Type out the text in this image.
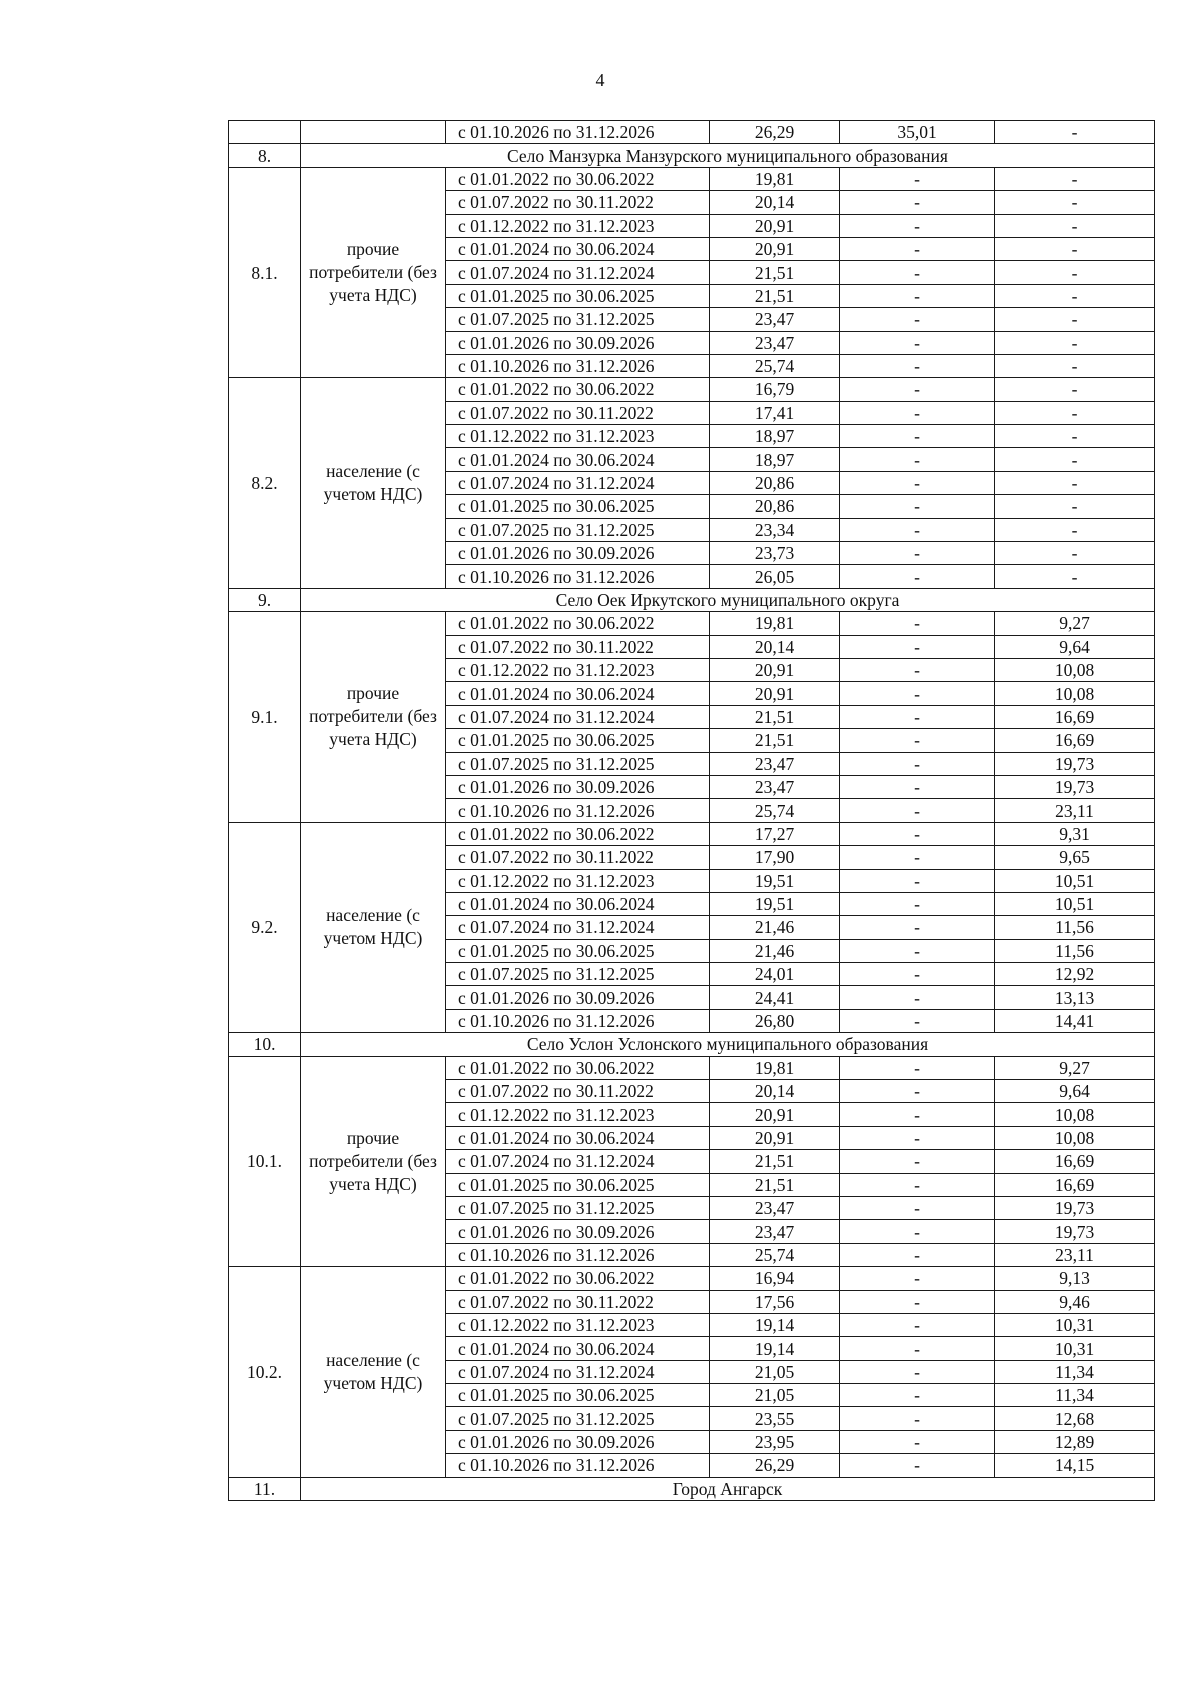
4
		с 01.10.2026 по 31.12.2026	26,29	35,01	-
8.	Село Манзурка Манзурского муниципального образования				
8.1.	прочие потребители (без учета НДС)	с 01.01.2022 по 30.06.2022	19,81	-	-
		с 01.07.2022 по 30.11.2022	20,14	-	-
		с 01.12.2022 по 31.12.2023	20,91	-	-
		с 01.01.2024 по 30.06.2024	20,91	-	-
		с 01.07.2024 по 31.12.2024	21,51	-	-
		с 01.01.2025 по 30.06.2025	21,51	-	-
		с 01.07.2025 по 31.12.2025	23,47	-	-
		с 01.01.2026 по 30.09.2026	23,47	-	-
		с 01.10.2026 по 31.12.2026	25,74	-	-
8.2.	население (с учетом НДС)	с 01.01.2022 по 30.06.2022	16,79	-	-
		с 01.07.2022 по 30.11.2022	17,41	-	-
		с 01.12.2022 по 31.12.2023	18,97	-	-
		с 01.01.2024 по 30.06.2024	18,97	-	-
		с 01.07.2024 по 31.12.2024	20,86	-	-
		с 01.01.2025 по 30.06.2025	20,86	-	-
		с 01.07.2025 по 31.12.2025	23,34	-	-
		с 01.01.2026 по 30.09.2026	23,73	-	-
		с 01.10.2026 по 31.12.2026	26,05	-	-
9.	Село Оек Иркутского муниципального округа				
9.1.	прочие потребители (без учета НДС)	с 01.01.2022 по 30.06.2022	19,81	-	9,27
		с 01.07.2022 по 30.11.2022	20,14	-	9,64
		с 01.12.2022 по 31.12.2023	20,91	-	10,08
		с 01.01.2024 по 30.06.2024	20,91	-	10,08
		с 01.07.2024 по 31.12.2024	21,51	-	16,69
		с 01.01.2025 по 30.06.2025	21,51	-	16,69
		с 01.07.2025 по 31.12.2025	23,47	-	19,73
		с 01.01.2026 по 30.09.2026	23,47	-	19,73
		с 01.10.2026 по 31.12.2026	25,74	-	23,11
9.2.	население (с учетом НДС)	с 01.01.2022 по 30.06.2022	17,27	-	9,31
		с 01.07.2022 по 30.11.2022	17,90	-	9,65
		с 01.12.2022 по 31.12.2023	19,51	-	10,51
		с 01.01.2024 по 30.06.2024	19,51	-	10,51
		с 01.07.2024 по 31.12.2024	21,46	-	11,56
		с 01.01.2025 по 30.06.2025	21,46	-	11,56
		с 01.07.2025 по 31.12.2025	24,01	-	12,92
		с 01.01.2026 по 30.09.2026	24,41	-	13,13
		с 01.10.2026 по 31.12.2026	26,80	-	14,41
10.	Село Услон Услонского муниципального образования				
10.1.	прочие потребители (без учета НДС)	с 01.01.2022 по 30.06.2022	19,81	-	9,27
		с 01.07.2022 по 30.11.2022	20,14	-	9,64
		с 01.12.2022 по 31.12.2023	20,91	-	10,08
		с 01.01.2024 по 30.06.2024	20,91	-	10,08
		с 01.07.2024 по 31.12.2024	21,51	-	16,69
		с 01.01.2025 по 30.06.2025	21,51	-	16,69
		с 01.07.2025 по 31.12.2025	23,47	-	19,73
		с 01.01.2026 по 30.09.2026	23,47	-	19,73
		с 01.10.2026 по 31.12.2026	25,74	-	23,11
10.2.	население (с учетом НДС)	с 01.01.2022 по 30.06.2022	16,94	-	9,13
		с 01.07.2022 по 30.11.2022	17,56	-	9,46
		с 01.12.2022 по 31.12.2023	19,14	-	10,31
		с 01.01.2024 по 30.06.2024	19,14	-	10,31
		с 01.07.2024 по 31.12.2024	21,05	-	11,34
		с 01.01.2025 по 30.06.2025	21,05	-	11,34
		с 01.07.2025 по 31.12.2025	23,55	-	12,68
		с 01.01.2026 по 30.09.2026	23,95	-	12,89
		с 01.10.2026 по 31.12.2026	26,29	-	14,15
11.	Город Ангарск				
